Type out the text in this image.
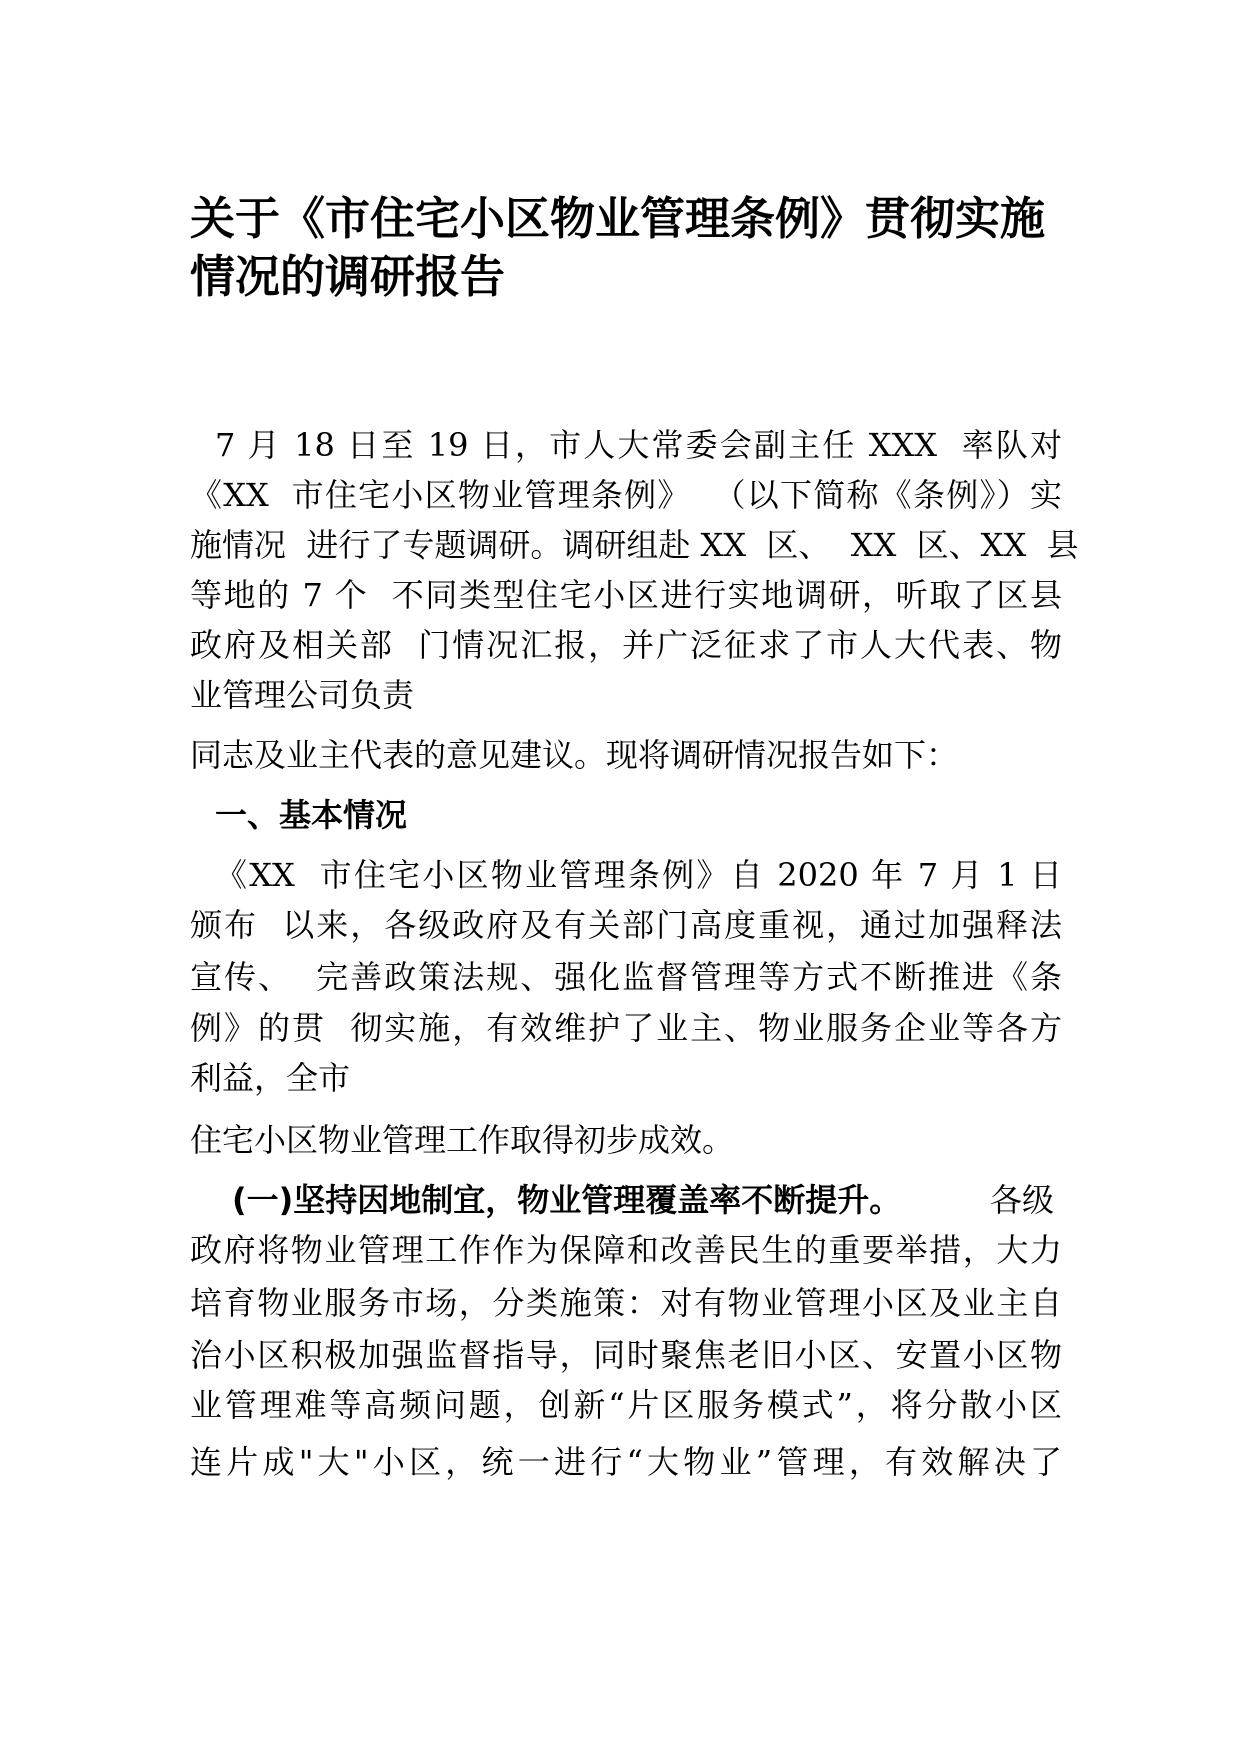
关于《市住宅小区物业管理条例》贯彻实施
情况的调研报告
7 月 18 日至 19 日，市人大常委会副主任 XXX  率队对
《XX  市住宅小区物业管理条例》  （以下简称《条例》）实
施情况  进行了专题调研。调研组赴 XX  区、  XX  区、XX  县
等地的 7 个  不同类型住宅小区进行实地调研，听取了区县
政府及相关部  门情况汇报，并广泛征求了市人大代表、物
业管理公司负责
同志及业主代表的意见建议。现将调研情况报告如下：
一、基本情况
《XX  市住宅小区物业管理条例》自 2020 年 7 月 1 日
颁布  以来，各级政府及有关部门高度重视，通过加强释法
宣传、  完善政策法规、强化监督管理等方式不断推进《条
例》的贯  彻实施，有效维护了业主、物业服务企业等各方
利益，全市
住宅小区物业管理工作取得初步成效。
(一)坚持因地制宜，物业管理覆盖率不断提升。	各级
政府将物业管理工作作为保障和改善民生的重要举措，大力
培育物业服务市场，分类施策：对有物业管理小区及业主自
治小区积极加强监督指导，同时聚焦老旧小区、安置小区物
业管理难等高频问题，创新“片区服务模式”，将分散小区
连片成"大"小区，统一进行“大物业”管理，有效解决了
